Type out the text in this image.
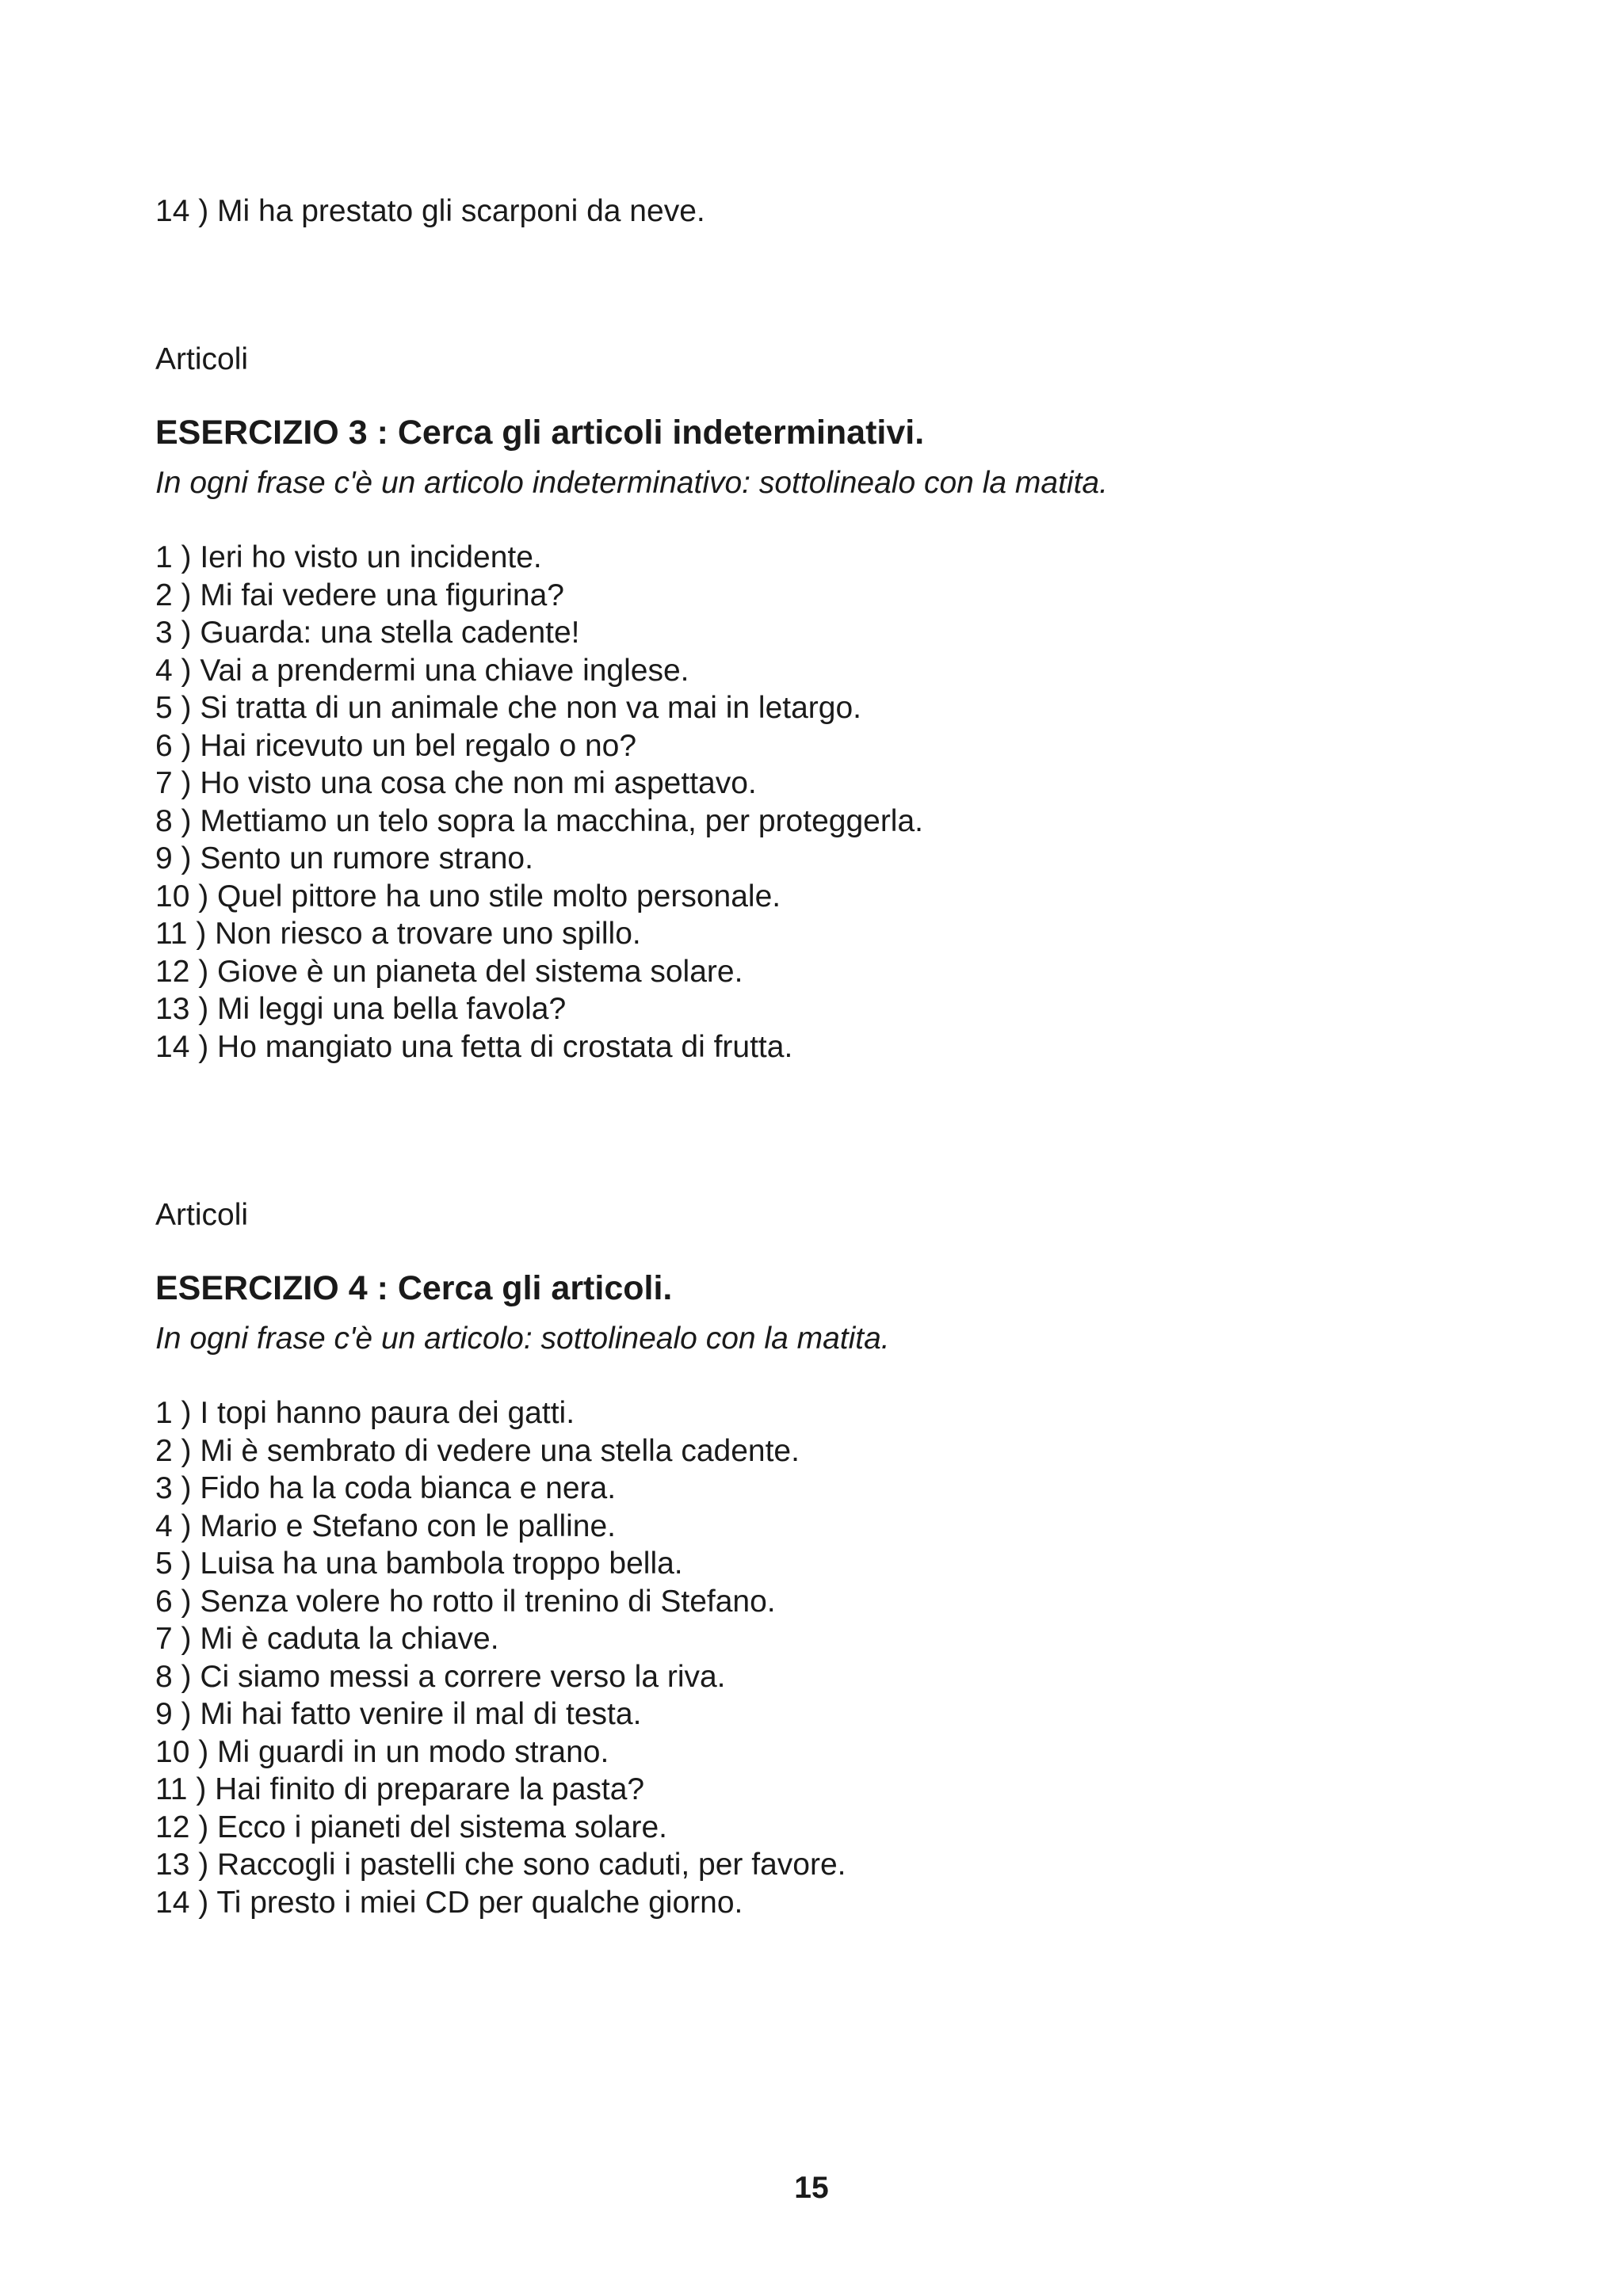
14 ) Mi ha prestato gli scarponi da neve.

Articoli

ESERCIZIO 3 : Cerca gli articoli indeterminativi.

In ogni frase c'è un articolo indeterminativo: sottolinealo con la matita.

1 ) Ieri ho visto un incidente.
2 ) Mi fai vedere una figurina?
3 ) Guarda: una stella cadente!
4 ) Vai a prendermi una chiave inglese.
5 ) Si tratta di un animale che non va mai in letargo.
6 ) Hai ricevuto un bel regalo o no?
7 ) Ho visto una cosa che non mi aspettavo.
8 ) Mettiamo un telo sopra la macchina, per proteggerla.
9 ) Sento un rumore strano.
10 ) Quel pittore ha uno stile molto personale.
11 ) Non riesco a trovare uno spillo.
12 ) Giove è un pianeta del sistema solare.
13 ) Mi leggi una bella favola?
14 ) Ho mangiato una fetta di crostata di frutta.

Articoli

ESERCIZIO 4 : Cerca gli articoli.

In ogni frase c'è un articolo: sottolinealo con la matita.

1 ) I topi hanno paura dei gatti.
2 ) Mi è sembrato di vedere una stella cadente.
3 ) Fido ha la coda bianca e nera.
4 ) Mario e Stefano con le palline.
5 ) Luisa ha una bambola troppo bella.
6 ) Senza volere ho rotto il trenino di Stefano.
7 ) Mi è caduta la chiave.
8 ) Ci siamo messi a correre verso la riva.
9 ) Mi hai fatto venire il mal di testa.
10 ) Mi guardi in un modo strano.
11 ) Hai finito di preparare la pasta?
12 ) Ecco i pianeti del sistema solare.
13 ) Raccogli i pastelli che sono caduti, per favore.
14 ) Ti presto i miei CD per qualche giorno.
15
